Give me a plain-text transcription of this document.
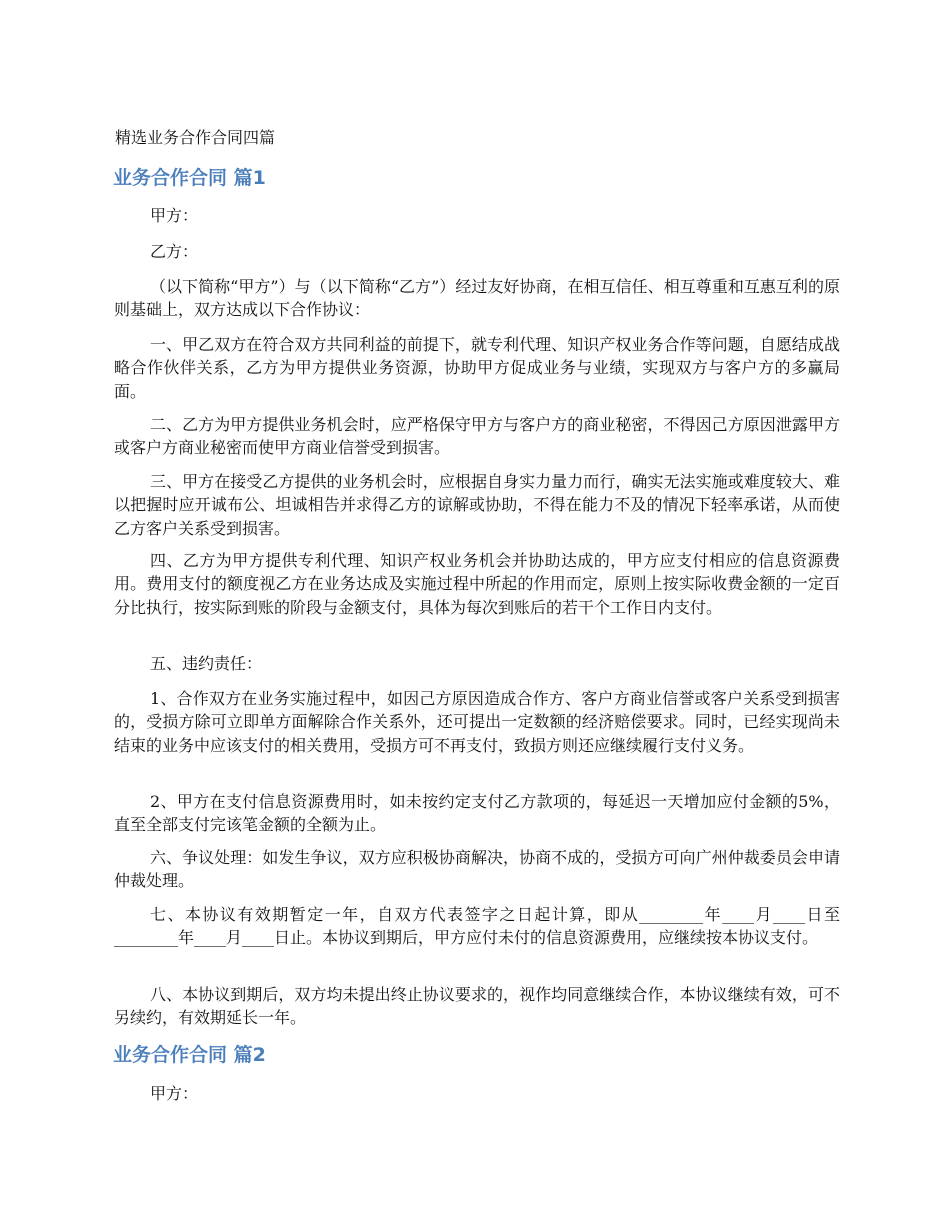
精选业务合作合同四篇

业务合作合同 篇1

甲方：

乙方：

（以下简称“甲方”）与（以下简称“乙方”）经过友好协商，在相互信任、相互尊重和互惠互利的原则基础上，双方达成以下合作协议：

一、甲乙双方在符合双方共同利益的前提下，就专利代理、知识产权业务合作等问题，自愿结成战略合作伙伴关系，乙方为甲方提供业务资源，协助甲方促成业务与业绩，实现双方与客户方的多赢局面。

二、乙方为甲方提供业务机会时，应严格保守甲方与客户方的商业秘密，不得因己方原因泄露甲方或客户方商业秘密而使甲方商业信誉受到损害。

三、甲方在接受乙方提供的业务机会时，应根据自身实力量力而行，确实无法实施或难度较大、难以把握时应开诚布公、坦诚相告并求得乙方的谅解或协助，不得在能力不及的情况下轻率承诺，从而使乙方客户关系受到损害。

四、乙方为甲方提供专利代理、知识产权业务机会并协助达成的，甲方应支付相应的信息资源费用。费用支付的额度视乙方在业务达成及实施过程中所起的作用而定，原则上按实际收费金额的一定百分比执行，按实际到账的阶段与金额支付，具体为每次到账后的若干个工作日内支付。

五、违约责任：

1、合作双方在业务实施过程中，如因己方原因造成合作方、客户方商业信誉或客户关系受到损害的，受损方除可立即单方面解除合作关系外，还可提出一定数额的经济赔偿要求。同时，已经实现尚未结束的业务中应该支付的相关费用，受损方可不再支付，致损方则还应继续履行支付义务。

2、甲方在支付信息资源费用时，如未按约定支付乙方款项的，每延迟一天增加应付金额的5%，直至全部支付完该笔金额的全额为止。

六、争议处理：如发生争议，双方应积极协商解决，协商不成的，受损方可向广州仲裁委员会申请仲裁处理。

七、本协议有效期暂定一年，自双方代表签字之日起计算，即从________年____月____日至________年____月____日止。本协议到期后，甲方应付未付的信息资源费用，应继续按本协议支付。

八、本协议到期后，双方均未提出终止协议要求的，视作均同意继续合作，本协议继续有效，可不另续约，有效期延长一年。

业务合作合同 篇2

甲方：
